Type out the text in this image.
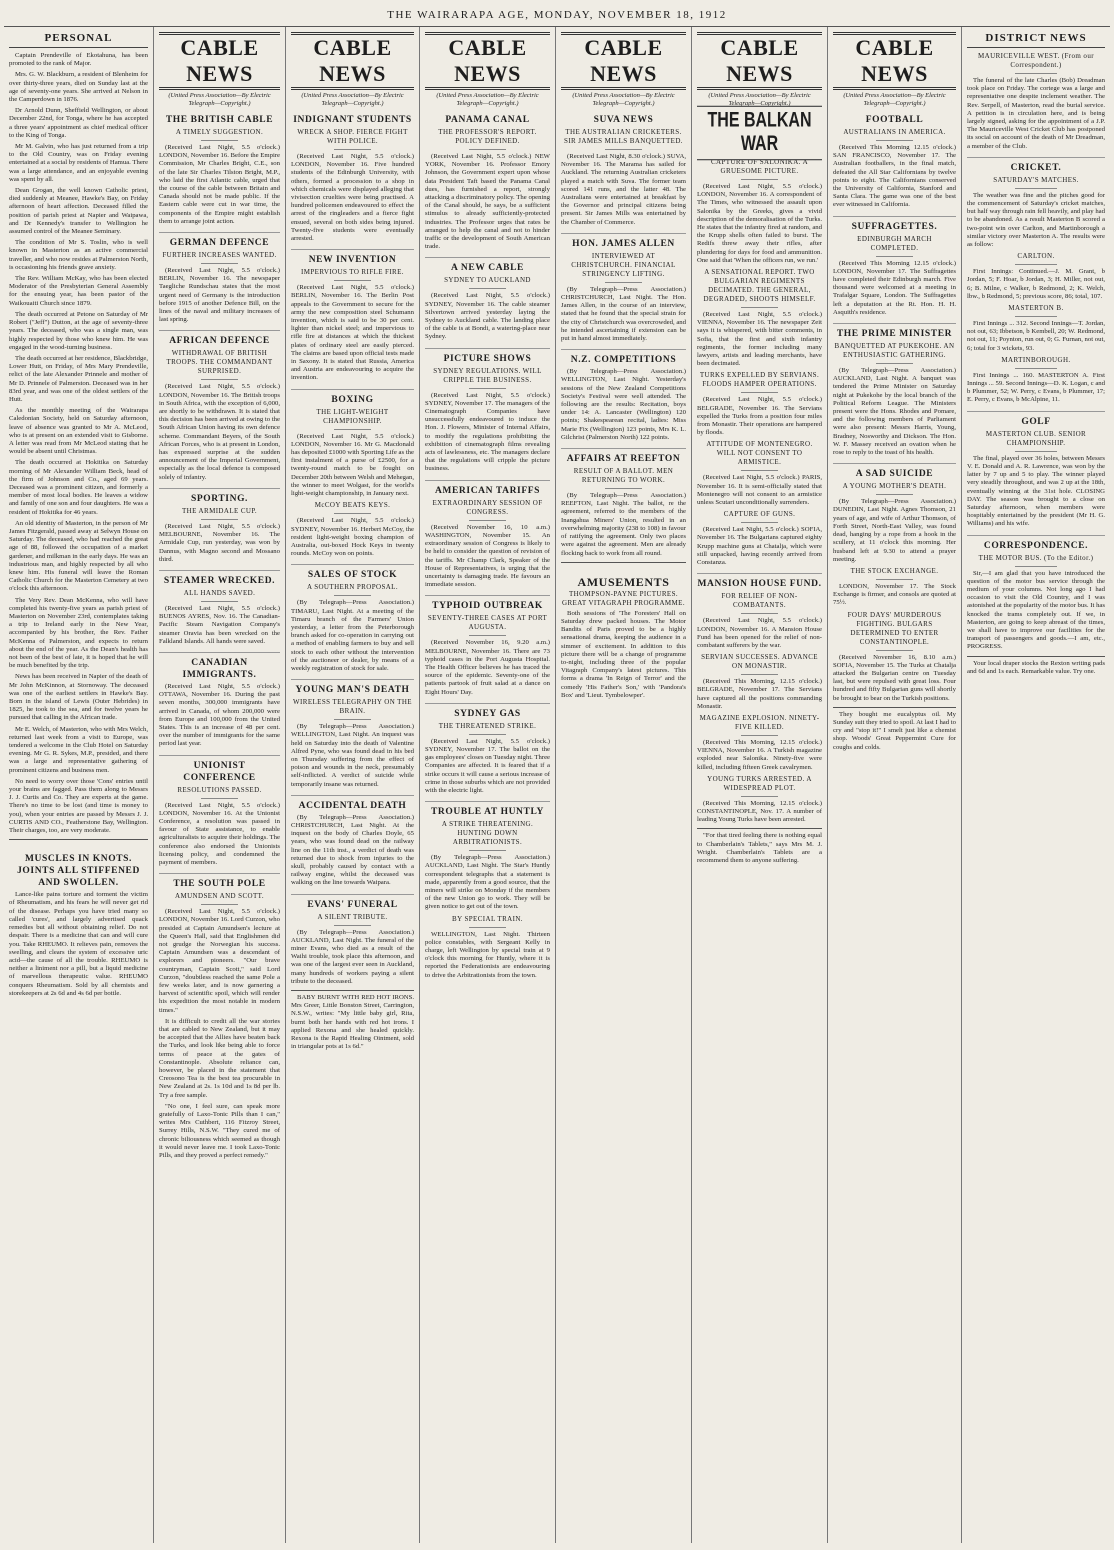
THE WAIRARAPA AGE, MONDAY, NOVEMBER 18, 1912
PERSONAL

Captain Prendeville of Ekotahuna, has been promoted to the rank of Major.

Mrs. G. W. Blackburn, a resident of Blenheim for over thirty-three years, died on Sunday last at the age of seventy-one years. She arrived at Nelson in the Camperdown in 1876.

Dr Arnold Dunn, Sheffield Wellington, or about December 22nd, for Tonga, where he has accepted a three years' appointment as chief medical officer to the King of Tonga.

Mr M. Galvin, who has just returned from a trip to the Old Country, was on Friday evening entertained at a social by residents of Hamua. There was a large attendance, and an enjoyable evening was spent by all.

Dean Grogan, the well known Catholic priest, died suddenly at Meanee, Hawke's Bay, on Friday afternoon of heart affection. Deceased filled the position of parish priest at Napier and Waipawa, and Dr Kennedy's transfer to Wellington he assumed control of the Meanee Seminary.

The condition of Mr S. Toslin, who is well known in Masterton as an active commercial traveller, and who now resides at Palmerston North, is occasioning his friends grave anxiety.

The Rev. William McKay, who has been elected Moderator of the Presbyterian General Assembly for the ensuing year, has been pastor of the Waikouaiti Church since 1879.

The death occurred at Petone on Saturday of Mr Robert ("Jeff") Dutton, at the age of seventy-three years. The deceased, who was a single man, was highly respected by those who knew him. He was engaged in the wood-turning business.

The death occurred at her residence, Blackbridge, Lower Hutt, on Friday, of Mrs Mary Prendeville, relict of the late Alexander Prinnele and mother of Mr D. Prinnele of Palmerston. Deceased was in her 83rd year, and was one of the oldest settlers of the Hutt.

As the monthly meeting of the Wairarapa Caledonian Society, held on Saturday afternoon, leave of absence was granted to Mr A. McLeod, who is at present on an extended visit to Gisborne. A letter was read from Mr McLeod stating that he would be absent until Christmas.

The death occurred at Hokitika on Saturday morning of Mr Alexander William Beck, head of the firm of Johnson and Co., aged 69 years. Deceased was a prominent citizen, and formerly a member of most local bodies. He leaves a widow and family of one son and four daughters. He was a resident of Hokitika for 46 years.

An old identity of Masterton, in the person of Mr James Fitzgerald, passed away at Selwyn House on Saturday. The deceased, who had reached the great age of 88, followed the occupation of a market gardener, and milkman in the early days. He was an industrious man, and highly respected by all who knew him. His funeral will leave the Roman Catholic Church for the Masterton Cemetery at two o'clock this afternoon.

The Very Rev. Dean McKenna, who will have completed his twenty-five years as parish priest of Masterton on November 23rd, contemplates taking a trip to Ireland early in the New Year, accompanied by his brother, the Rev. Father McKenna of Palmerston, and expects to return about the end of the year. As the Dean's health has not been of the best of late, it is hoped that he will be much benefited by the trip.

News has been received in Napier of the death of Mr John McKinnon, at Stornoway. The deceased was one of the earliest settlers in Hawke's Bay. Born in the island of Lewis (Outer Hebrides) in 1825, he took to the sea, and for twelve years he pursued that calling in the African trade.

Mr E. Welch, of Masterton, who with Mrs Welch, returned last week from a visit to Europe, was tendered a welcome in the Club Hotel on Saturday evening. Mr G. R. Sykes, M.P., presided, and there was a large and representative gathering of prominent citizens and business men.

No need to worry over those 'Cons' entries until your brains are fagged. Pass them along to Messrs J. J. Curtis and Co. They are experts at the game. There's no time to be lost (and time is money to you), when your entries are passed by Messrs J. J. CURTIS AND CO., Featherstone Bay, Wellington. Their charges, too, are very moderate.

MUSCLES IN KNOTS. JOINTS ALL STIFFENED AND SWOLLEN.

Lance-like pains torture and torment the victim of Rheumatism, and his fears he will never get rid of the disease. Perhaps you have tried many so called 'cures', and largely advertised quack remedies but all without obtaining relief. Do not despair. There is a medicine that can and will cure you. Take RHEUMO. It relieves pain, removes the swelling, and clears the system of excessive uric acid—the cause of all the trouble. RHEUMO is neither a liniment nor a pill, but a liquid medicine of marvellous therapeutic value. RHEUMO conquers Rheumatism. Sold by all chemists and storekeepers at 2s 6d and 4s 6d per bottle.

CABLE NEWS
(United Press Association—By Electric Telegraph—Copyright.)
THE BRITISH CABLE
A TIMELY SUGGESTION.

(Received Last Night, 5.5 o'clock.) LONDON, November 16. Before the Empire Commission, Mr Charles Bright, C.E., son of the late Sir Charles Tilston Bright, M.P., who laid the first Atlantic cable, urged that the course of the cable between Britain and Canada should not be made public. If the Eastern cable were cut in war time, the components of the Empire might establish them to arrange joint action.

GERMAN DEFENCE
FURTHER INCREASES WANTED.

(Received Last Night, 5.5 o'clock.) BERLIN, November 16. The newspaper Taegliche Rundschau states that the most urgent need of Germany is the introduction before 1915 of another Defence Bill, on the lines of the naval and military increases of last spring.

AFRICAN DEFENCE
WITHDRAWAL OF BRITISH TROOPS. THE COMMANDANT SURPRISED.

(Received Last Night, 5.5 o'clock.) LONDON, November 16. The British troops in South Africa, with the exception of 6,000, are shortly to be withdrawn. It is stated that this decision has been arrived at owing to the South African Union having its own defence scheme. Commandant Beyers, of the South African Forces, who is at present in London, has expressed surprise at the sudden announcement of the Imperial Government, especially as the local defence is composed solely of infantry.

SPORTING.
THE ARMIDALE CUP.

(Received Last Night, 5.5 o'clock.) MELBOURNE, November 16. The Armidale Cup, run yesterday, was won by Dannus, with Magno second and Mossano third.

STEAMER WRECKED.
ALL HANDS SAVED.

(Received Last Night, 5.5 o'clock.) BUENOS AYRES, Nov. 16. The Canadian-Pacific Steam Navigation Company's steamer Oravia has been wrecked on the Falkland Islands. All hands were saved.

CANADIAN IMMIGRANTS.

(Received Last Night, 5.5 o'clock.) OTTAWA, November 16. During the past seven months, 300,000 immigrants have arrived in Canada, of whom 200,000 were from Europe and 100,000 from the United States. This is an increase of 48 per cent. over the number of immigrants for the same period last year.

UNIONIST CONFERENCE
RESOLUTIONS PASSED.

(Received Last Night, 5.5 o'clock.) LONDON, November 16. At the Unionist Conference, a resolution was passed in favour of State assistance, to enable agriculturalists to acquire their holdings. The conference also endorsed the Unionists licensing policy, and condemned the payment of members.

THE SOUTH POLE
AMUNDSEN AND SCOTT.

(Received Last Night, 5.5 o'clock.) LONDON, November 16. Lord Curzon, who presided at Captain Amundsen's lecture at the Queen's Hall, said that Englishmen did not grudge the Norwegian his success. Captain Amundsen was a descendant of explorers and pioneers. "Our brave countryman, Captain Scott," said Lord Curzon, "doubtless reached the same Pole a few weeks later, and is now garnering a harvest of scientific spoil, which will render his expedition the most notable in modern times."

It is difficult to credit all the war stories that are cabled to New Zealand, but it may be accepted that the Allies have beaten back the Turks, and look like being able to force terms of peace at the gates of Constantinople. Absolute reliance can, however, be placed in the statement that Creosono Tea is the best tea procurable in New Zealand at 2s. 1s 10d and 1s 8d per lb. Try a free sample.

"No one, I feel sure, can speak more gratefully of Laxo-Tonic Pills than I can," writes Mrs Cuthbert, 116 Fitzroy Street, Surrey Hills, N.S.W. "They cured me of chronic biliousness which seemed as though it would never leave me. I took Laxo-Tonic Pills, and they proved a perfect remedy."

CABLE NEWS
(United Press Association—By Electric Telegraph—Copyright.)
INDIGNANT STUDENTS
WRECK A SHOP. FIERCE FIGHT WITH POLICE.

(Received Last Night, 5.5 o'clock.) LONDON, November 16. Five hundred students of the Edinburgh University, with others, formed a procession to a shop in which chemicals were displayed alleging that vivisection cruelties were being practised. A hundred policemen endeavoured to effect the arrest of the ringleaders and a fierce fight ensued, several on both sides being injured. Twenty-five students were eventually arrested.

NEW INVENTION
IMPERVIOUS TO RIFLE FIRE.

(Received Last Night, 5.5 o'clock.) BERLIN, November 16. The Berlin Post appeals to the Government to secure for the army the new composition steel Schumann invention, which is said to be 30 per cent. lighter than nickel steel; and impervious to rifle fire at distances at which the thickest plates of ordinary steel are easily pierced. The claims are based upon official tests made in Saxony. It is stated that Russia, America and Austria are endeavouring to acquire the invention.

BOXING
THE LIGHT-WEIGHT CHAMPIONSHIP.

(Received Last Night, 5.5 o'clock.) LONDON, November 16. Mr G. Macdonald has deposited £1000 with Sporting Life as the first instalment of a purse of £2500, for a twenty-round match to be fought on December 20th between Welsh and Mehegan, the winner to meet Wolgast, for the world's light-weight championship, in January next.

McCOY BEATS KEYS.

(Received Last Night, 5.5 o'clock.) SYDNEY, November 16. Herbert McCoy, the resident light-weight boxing champion of Australia, out-boxed Hock Keys in twenty rounds. McCoy won on points.

SALES OF STOCK
A SOUTHERN PROPOSAL.

(By Telegraph—Press Association.) TIMARU, Last Night. At a meeting of the Timaru branch of the Farmers' Union yesterday, a letter from the Peterborough branch asked for co-operation in carrying out a method of enabling farmers to buy and sell stock to each other without the intervention of the auctioneer or dealer, by means of a weekly registration of stock for sale.

YOUNG MAN'S DEATH
WIRELESS TELEGRAPHY ON THE BRAIN.

(By Telegraph—Press Association.) WELLINGTON, Last Night. An inquest was held on Saturday into the death of Valentine Alfred Pyne, who was found dead in his bed on Thursday suffering from the effect of poison and wounds in the neck, presumably self-inflicted. A verdict of suicide while temporarily insane was returned.

ACCIDENTAL DEATH

(By Telegraph—Press Association.) CHRISTCHURCH, Last Night. At the inquest on the body of Charles Doyle, 65 years, who was found dead on the railway line on the 11th inst., a verdict of death was returned due to shock from injuries to the skull, probably caused by contact with a railway engine, whilst the deceased was walking on the line towards Waipara.

EVANS' FUNERAL
A SILENT TRIBUTE.

(By Telegraph—Press Association.) AUCKLAND, Last Night. The funeral of the miner Evans, who died as a result of the Waihi trouble, took place this afternoon, and was one of the largest ever seen in Auckland, many hundreds of workers paying a silent tribute to the deceased.

BABY BURNT WITH RED HOT IRONS. Mrs Greer, Little Bonston Street, Carrington, N.S.W., writes: "My little baby girl, Rita, burnt both her hands with red hot irons. I applied Rexona and she healed quickly. Rexona is the Rapid Healing Ointment, sold in triangular pots at 1s 6d."

CABLE NEWS
(United Press Association—By Electric Telegraph—Copyright.)
PANAMA CANAL
THE PROFESSOR'S REPORT. POLICY DEFINED.

(Received Last Night, 5.5 o'clock.) NEW YORK, November 16. Professor Emory Johnson, the Government expert upon whose data President Taft based the Panama Canal dues, has furnished a report, strongly attacking a discriminatory policy. The opening of the Canal should, he says, be a sufficient stimulus to already sufficiently-protected industries. The Professor urges that rates be arranged to help the canal and not to hinder traffic or the development of South American trade.

A NEW CABLE
SYDNEY TO AUCKLAND

(Received Last Night, 5.5 o'clock.) SYDNEY, November 16. The cable steamer Silvertown arrived yesterday laying the Sydney to Auckland cable. The landing place of the cable is at Bondi, a watering-place near Sydney.

PICTURE SHOWS
SYDNEY REGULATIONS. WILL CRIPPLE THE BUSINESS.

(Received Last Night, 5.5 o'clock.) SYDNEY, November 17. The managers of the Cinematograph Companies have unsuccessfully endeavoured to induce the Hon. J. Flowers, Minister of Internal Affairs, to modify the regulations prohibiting the exhibition of cinematograph films revealing acts of lawlessness, etc. The managers declare that the regulations will cripple the picture business.

AMERICAN TARIFFS
EXTRAORDINARY SESSION OF CONGRESS.

(Received November 16, 10 a.m.) WASHINGTON, November 15. An extraordinary session of Congress is likely to be held to consider the question of revision of the tariffs. Mr Champ Clark, Speaker of the House of Representatives, is urging that the uncertainty is damaging trade. He favours an immediate session.

TYPHOID OUTBREAK
SEVENTY-THREE CASES AT PORT AUGUSTA.

(Received November 16, 9.20 a.m.) MELBOURNE, November 16. There are 73 typhoid cases in the Port Augusta Hospital. The Health Officer believes he has traced the source of the epidemic. Seventy-one of the patients partook of fruit salad at a dance on Eight Hours' Day.

SYDNEY GAS
THE THREATENED STRIKE.

(Received Last Night, 5.5 o'clock.) SYDNEY, November 17. The ballot on the gas employees' closes on Tuesday night. Three Companies are affected. It is feared that if a strike occurs it will cause a serious increase of crime in those suburbs which are not provided with the electric light.

TROUBLE AT HUNTLY
A STRIKE THREATENING. HUNTING DOWN ARBITRATIONISTS.

(By Telegraph—Press Association.) AUCKLAND, Last Night. The Star's Huntly correspondent telegraphs that a statement is made, apparently from a good source, that the miners will strike on Monday if the members of the new Union go to work. They will be given notice to get out of the town.

BY SPECIAL TRAIN.

WELLINGTON, Last Night. Thirteen police constables, with Sergeant Kelly in charge, left Wellington by special train at 9 o'clock this morning for Huntly, where it is reported the Federationists are endeavouring to drive the Arbitrationists from the town.

CABLE NEWS
(United Press Association—By Electric Telegraph—Copyright.)
SUVA NEWS
THE AUSTRALIAN CRICKETERS. SIR JAMES MILLS BANQUETTED.

(Received Last Night, 8.30 o'clock.) SUVA, November 16. The Marama has sailed for Auckland. The returning Australian cricketers played a match with Suva. The former team scored 141 runs, and the latter 48. The Australians were entertained at breakfast by the Governor and principal citizens being present. Sir James Mills was entertained by the Chamber of Commerce.

HON. JAMES ALLEN
INTERVIEWED AT CHRISTCHURCH. FINANCIAL STRINGENCY LIFTING.

(By Telegraph—Press Association.) CHRISTCHURCH, Last Night. The Hon. James Allen, in the course of an interview, stated that he found that the special strain for the city of Christchurch was overcrowded, and he intended ascertaining if extension can be put in hand almost immediately.

N.Z. COMPETITIONS

(By Telegraph—Press Association.) WELLINGTON, Last Night. Yesterday's sessions of the New Zealand Competitions Society's Festival were well attended. The following are the results: Recitation, boys under 14: A. Lancaster (Wellington) 120 points; Shakespearean recital, ladies: Miss Marie Fix (Wellington) 123 points, Mrs K. L. Gilchrist (Palmerston North) 122 points.

AFFAIRS AT REEFTON
RESULT OF A BALLOT. MEN RETURNING TO WORK.

(By Telegraph—Press Association.) REEFTON, Last Night. The ballot, re the agreement, referred to the members of the Inangahua Miners' Union, resulted in an overwhelming majority (238 to 108) in favour of ratifying the agreement. Only two places were against the agreement. Men are already flocking back to work from all round.

AMUSEMENTS
THOMPSON-PAYNE PICTURES. GREAT VITAGRAPH PROGRAMME.

Both sessions of 'The Foresters' Hall on Saturday drew packed houses. The Motor Bandits of Paris proved to be a highly sensational drama, keeping the audience in a simmer of excitement. In addition to this picture there will be a change of programme to-night, including three of the popular Vitagraph Company's latest pictures. This forms a drama 'In Reign of Terror' and the comedy 'His Father's Son,' with 'Pandora's Box' and 'Lieut. Tymbelowper'.

CABLE NEWS
(United Press Association—By Electric Telegraph—Copyright.)
THE BALKAN WAR
CAPTURE OF SALONIKA. A GRUESOME PICTURE.

(Received Last Night, 5.5 o'clock.) LONDON, November 16. A correspondent of The Times, who witnessed the assault upon Salonika by the Greeks, gives a vivid description of the demoralisation of the Turks. He states that the infantry fired at random, and the Krupp shells often failed to burst. The Redifs threw away their rifles, after plundering for days for food and ammunition. One said that 'When the officers run, we run.'

A SENSATIONAL REPORT. TWO BULGARIAN REGIMENTS DECIMATED. THE GENERAL, DEGRADED, SHOOTS HIMSELF.

(Received Last Night, 5.5 o'clock.) VIENNA, November 16. The newspaper Zeit says it is whispered, with bitter comments, in Sofia, that the first and sixth infantry regiments, the former including many lawyers, artists and leading merchants, have been decimated.

TURKS EXPELLED BY SERVIANS. FLOODS HAMPER OPERATIONS.

(Received Last Night, 5.5 o'clock.) BELGRADE, November 16. The Servians expelled the Turks from a position four miles from Monastir. Their operations are hampered by floods.

ATTITUDE OF MONTENEGRO. WILL NOT CONSENT TO ARMISTICE.

(Received Last Night, 5.5 o'clock.) PARIS, November 16. It is semi-officially stated that Montenegro will not consent to an armistice unless Scutari unconditionally surrenders.

CAPTURE OF GUNS.

(Received Last Night, 5.5 o'clock.) SOFIA, November 16. The Bulgarians captured eighty Krupp machine guns at Chatalja, which were still unpacked, having recently arrived from Constanza.

MANSION HOUSE FUND.
FOR RELIEF OF NON-COMBATANTS.

(Received Last Night, 5.5 o'clock.) LONDON, November 16. A Mansion House Fund has been opened for the relief of non-combatant sufferers by the war.

SERVIAN SUCCESSES. ADVANCE ON MONASTIR.

(Received This Morning, 12.15 o'clock.) BELGRADE, November 17. The Servians have captured all the positions commanding Monastir.

MAGAZINE EXPLOSION. NINETY-FIVE KILLED.

(Received This Morning, 12.15 o'clock.) VIENNA, November 16. A Turkish magazine exploded near Salonika. Ninety-five were killed, including fifteen Greek cavalrymen.

YOUNG TURKS ARRESTED. A WIDESPREAD PLOT.

(Received This Morning, 12.15 o'clock.) CONSTANTINOPLE, Nov. 17. A number of leading Young Turks have been arrested.

"For that tired feeling there is nothing equal to Chamberlain's Tablets," says Mrs M. J. Wright. Chamberlain's Tablets are a recommend them to anyone suffering.

CABLE NEWS
(United Press Association—By Electric Telegraph—Copyright.)
FOOTBALL
AUSTRALIANS IN AMERICA.

(Received This Morning 12.15 o'clock.) SAN FRANCISCO, November 17. The Australian footballers, in the final match, defeated the All Star Californians by twelve points to eight. The Californians conserved the University of California, Stanford and Santa Clara. The game was one of the best ever witnessed in California.

SUFFRAGETTES.
EDINBURGH MARCH COMPLETED.

(Received This Morning 12.15 o'clock.) LONDON, November 17. The Suffragettes have completed their Edinburgh march. Five thousand were welcomed at a meeting in Trafalgar Square, London. The Suffragettes left a deputation at the Rt. Hon. H. H. Asquith's residence.

THE PRIME MINISTER
BANQUETTED AT PUKEKOHE. AN ENTHUSIASTIC GATHERING.

(By Telegraph—Press Association.) AUCKLAND, Last Night. A banquet was tendered the Prime Minister on Saturday night at Pukekohe by the local branch of the Political Reform League. The Ministers present were the Hons. Rhodes and Pomare, and the following members of Parliament were also present: Messrs Harris, Young, Bradney, Nosworthy and Dickson. The Hon. W. F. Massey received an ovation when he rose to reply to the toast of his health.

A SAD SUICIDE
A YOUNG MOTHER'S DEATH.

(By Telegraph—Press Association.) DUNEDIN, Last Night. Agnes Thomson, 21 years of age, and wife of Arthur Thomson, of Forth Street, North-East Valley, was found dead, hanging by a rope from a hook in the scullery, at 11 o'clock this morning. Her husband left at 9.30 to attend a prayer meeting.

THE STOCK EXCHANGE.

LONDON, November 17. The Stock Exchange is firmer, and consols are quoted at 75½.

FOUR DAYS' MURDEROUS FIGHTING. BULGARS DETERMINED TO ENTER CONSTANTINOPLE.

(Received November 16, 8.10 a.m.) SOFIA, November 15. The Turks at Chatalja attacked the Bulgarian centre on Tuesday last, but were repulsed with great loss. Four hundred and fifty Bulgarian guns will shortly be brought to bear on the Turkish positions.

They bought me eucalyptus oil. My Sunday suit they tried to spoil. At last I had to cry and "stop it!" I smelt just like a chemist shop. Woods' Great Peppermint Cure for coughs and colds.

DISTRICT NEWS
MAURICEVILLE WEST. (From our Correspondent.)

The funeral of the late Charles (Bob) Dreadman took place on Friday. The cortege was a large and representative one despite inclement weather. The Rev. Serpell, of Masterton, read the burial service. A petition is in circulation here, and is being largely signed, asking for the appointment of a J.P. The Mauriceville West Cricket Club has postponed its social on account of the death of Mr Dreadman, a member of the Club.

CRICKET.
SATURDAY'S MATCHES.

The weather was fine and the pitches good for the commencement of Saturday's cricket matches, but half way through rain fell heavily, and play had to be abandoned. As a result Masterton B scored a two-point win over Carlton, and Martinborough a similar victory over Masterton A. The results were as follow:

CARLTON.

First Innings: Continued.—J. M. Grant, b Jordan, 5; F. Hoar, b Jordan, 3; H. Miller, not out, 6; B. Milne, c Walker, b Redmond, 2; K. Welch, lbw., b Redmond, 5; previous score, 86; total, 107.

MASTERTON B.

First Innings ... 312. Second Innings—T. Jordan, not out, 63; Ibbetson, b Kembell, 20; W. Redmond, not out, 11; Poynton, run out, 0; G. Furnan, not out, 6; total for 3 wickets, 93.

MARTINBOROUGH.

First Innings ... 160. MASTERTON A. First Innings ... 59. Second Innings—D. K. Logan, c and b Plummer, 52; W. Perry, c Evans, b Plummer, 17; E. Perry, c Evans, b McAlpine, 11.

GOLF
MASTERTON CLUB. SENIOR CHAMPIONSHIP.

The final, played over 36 holes, between Messrs V. E. Donald and A. R. Lawrence, was won by the latter by 7 up and 5 to play. The winner played very steadily throughout, and was 2 up at the 18th, eventually winning at the 31st hole. CLOSING DAY. The season was brought to a close on Saturday afternoon, when members were hospitably entertained by the president (Mr H. G. Williams) and his wife.

CORRESPONDENCE.
THE MOTOR BUS. (To the Editor.)

Sir,—I am glad that you have introduced the question of the motor bus service through the medium of your columns. Not long ago I had occasion to visit the Old Country, and I was astonished at the popularity of the motor bus. It has knocked the trams completely out. If we, in Masterton, are going to keep abreast of the times, we shall have to improve our facilities for the transport of passengers and goods.—I am, etc., PROGRESS.

Your local draper stocks the Rexton writing pads and 6d and 1s each. Remarkable value. Try one.
